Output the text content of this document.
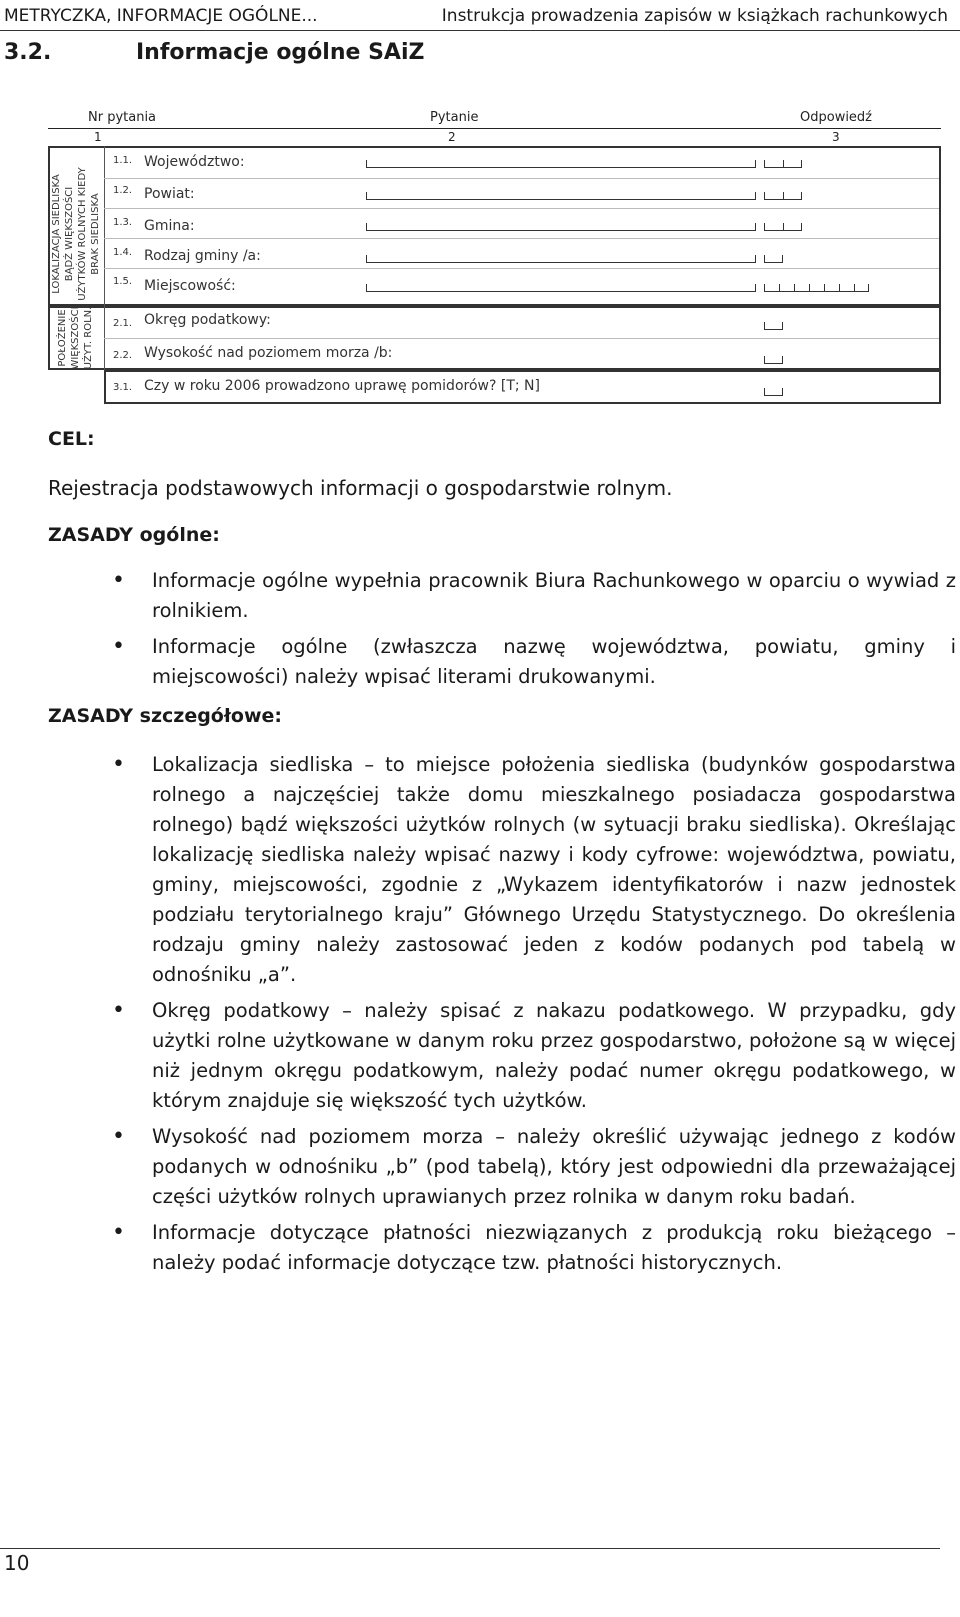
METRYCZKA, INFORMACJE OGÓLNE...	Instrukcja prowadzenia zapisów w książkach rachunkowych
3.2.	Informacje ogólne SAiZ
Nr pytania	Pytanie	Odpowiedź
1	2	3
LOKALIZACJA SIEDLISKA BĄDŹ WIĘKSZOŚCI UŻYTKÓW ROLNYCH KIEDY BRAK SIEDLISKA
POŁOŻENIE WIĘKSZOŚCI UŻYT. ROLN.
1.1. Województwo:
1.2. Powiat:
1.3. Gmina:
1.4. Rodzaj gminy /a:
1.5. Miejscowość:
2.1. Okręg podatkowy:
2.2. Wysokość nad poziomem morza /b:
3.1. Czy w roku 2006 prowadzono uprawę pomidorów? [T; N]
CEL:
Rejestracja podstawowych informacji o gospodarstwie rolnym.
ZASADY ogólne:
• Informacje ogólne wypełnia pracownik Biura Rachunkowego w oparciu o wywiad z rolnikiem.
• Informacje ogólne (zwłaszcza nazwę województwa, powiatu, gminy i miejscowości) należy wpisać literami drukowanymi.
ZASADY szczegółowe:
• Lokalizacja siedliska – to miejsce położenia siedliska (budynków gospodarstwa rolnego a najczęściej także domu mieszkalnego posiadacza gospodarstwa rolnego) bądź większości użytków rolnych (w sytuacji braku siedliska). Określając lokalizację siedliska należy wpisać nazwy i kody cyfrowe: województwa, powiatu, gminy, miejscowości, zgodnie z „Wykazem identyfikatorów i nazw jednostek podziału terytorialnego kraju” Głównego Urzędu Statystycznego. Do określenia rodzaju gminy należy zastosować jeden z kodów podanych pod tabelą w odnośniku „a”.
• Okręg podatkowy – należy spisać z nakazu podatkowego. W przypadku, gdy użytki rolne użytkowane w danym roku przez gospodarstwo, położone są w więcej niż jednym okręgu podatkowym, należy podać numer okręgu podatkowego, w którym znajduje się większość tych użytków.
• Wysokość nad poziomem morza – należy określić używając jednego z kodów podanych w odnośniku „b” (pod tabelą), który jest odpowiedni dla przeważającej części użytków rolnych uprawianych przez rolnika w danym roku badań.
• Informacje dotyczące płatności niezwiązanych z produkcją roku bieżącego – należy podać informacje dotyczące tzw. płatności historycznych.
10
